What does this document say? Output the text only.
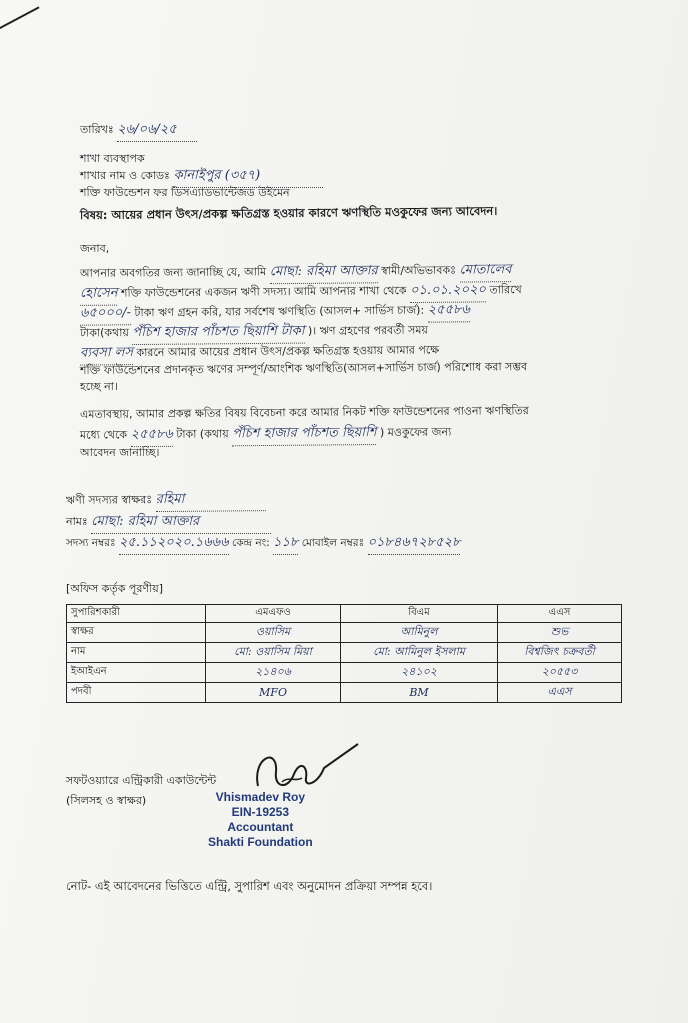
তারিখঃ ২৬/০৬/২৫
শাখা ব্যবস্থাপক
শাখার নাম ও কোডঃ কানাইপুর (৩৫৭)
শক্তি ফাউন্ডেশন ফর ডিসএ্যাডভান্টেজড উইমেন
বিষয়: আয়ের প্রধান উৎস/প্রকল্প ক্ষতিগ্রস্ত হওয়ার কারণে ঋণস্থিতি মওকুফের জন্য আবেদন।
জনাব,
আপনার অবগতির জন্য জানাচ্ছি যে, আমি মোছা: রহিমা আক্তার স্বামী/অভিভাবকঃ মোতালেব
হোসেন শক্তি ফাউন্ডেশনের একজন ঋণী সদস্য। আমি আপনার শাখা থেকে ০১.০১.২০২০ তারিখে
৬৫০০০/- টাকা ঋণ গ্রহন করি, যার সর্বশেষ ঋণস্থিতি (আসল+ সার্ভিস চার্জ): ২৫৫৮৬
টাকা(কথায় পঁচিশ হাজার পাঁচশত ছিয়াশি টাকা )। ঋণ গ্রহণের পরবর্তী সময়
ব্যবসা লস কারনে আমার আয়ের প্রধান উৎস/প্রকল্প ক্ষতিগ্রস্ত হওয়ায় আমার পক্ষে
শক্তি ফাউন্ডেশনের প্রদানকৃত ঋণের সম্পূর্ণ/আংশিক ঋণস্থিতি(আসল+সার্ভিস চার্জ) পরিশোধ করা সম্ভব
হচ্ছে না।
এমতাবস্থায়, আমার প্রকল্প ক্ষতির বিষয় বিবেচনা করে আমার নিকট শক্তি ফাউন্ডেশনের পাওনা ঋণস্থিতির
মধ্যে থেকে ২৫৫৮৬ টাকা (কথায় পঁচিশ হাজার পাঁচশত ছিয়াশি ) মওকুফের জন্য
আবেদন জানাচ্ছি।
ঋণী সদস্যর স্বাক্ষরঃ রহিমা
নামঃ মোছা: রহিমা আক্তার
সদস্য নম্বরঃ ২৫.১১২০২০.১৬৬৬ কেন্দ্র নং: ১১৮ মোবাইল নম্বরঃ ০১৮৪৬৭২৮৫২৮
[অফিস কর্তৃক পূরণীয়]
সুপারিশকারী	এমএফও	বিএম	এএস
স্বাক্ষর	ওয়াসিম	আমিনুল	শুভ
নাম	মো: ওয়াসিম মিয়া	মো: আমিনুল ইসলাম	বিশ্বজিৎ চক্রবর্তী
ইআইএন	২১৪০৬	২৪১০২	২০৫৫৩
পদবী	MFO	BM	এএস
সফটওয়্যারে এন্ট্রিকারী একাউন্টেন্ট
(সিলসহ ও স্বাক্ষর)	Vhismadev Roy
EIN-19253
Accountant
Shakti Foundation
নোট- এই আবেদনের ভিত্তিতে এন্ট্রি, সুপারিশ এবং অনুমোদন প্রক্রিয়া সম্পন্ন হবে।
